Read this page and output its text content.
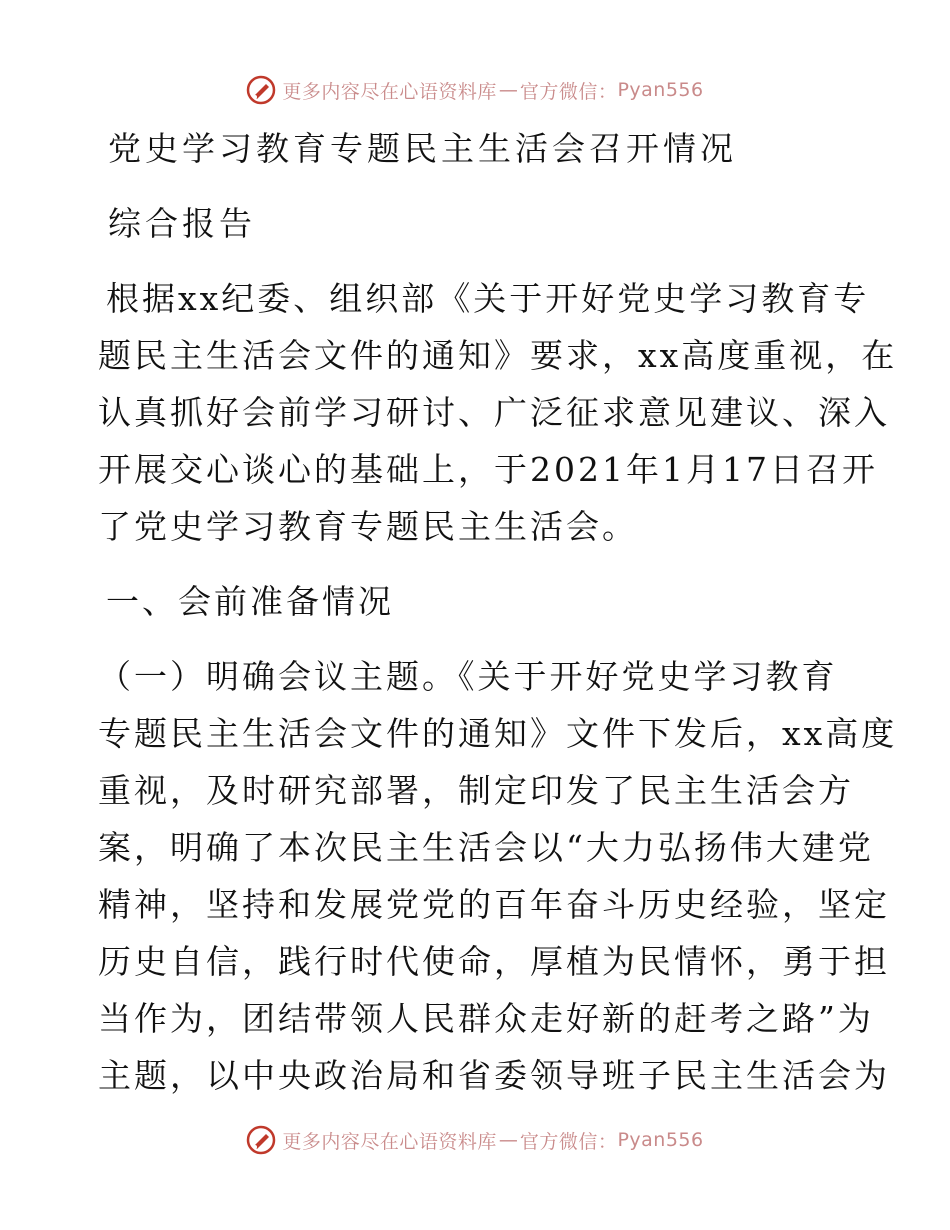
更多内容尽在心语资料库 — 官方微信： Pyan556
党史学习教育专题民主生活会召开情况
综合报告
根据xx纪委、组织部《关于开好党史学习教育专
题民主生活会文件的通知》要求，xx高度重视，在
认真抓好会前学习研讨、广泛征求意见建议、深入
开展交心谈心的基础上，于2021年1月17日召开
了党史学习教育专题民主生活会。
一、会前准备情况
（一）明确会议主题。《关于开好党史学习教育
专题民主生活会文件的通知》文件下发后，xx高度
重视，及时研究部署，制定印发了民主生活会方
案，明确了本次民主生活会以“大力弘扬伟大建党
精神，坚持和发展党党的百年奋斗历史经验，坚定
历史自信，践行时代使命，厚植为民情怀，勇于担
当作为，团结带领人民群众走好新的赶考之路”为
主题，以中央政治局和省委领导班子民主生活会为
更多内容尽在心语资料库 — 官方微信： Pyan556
